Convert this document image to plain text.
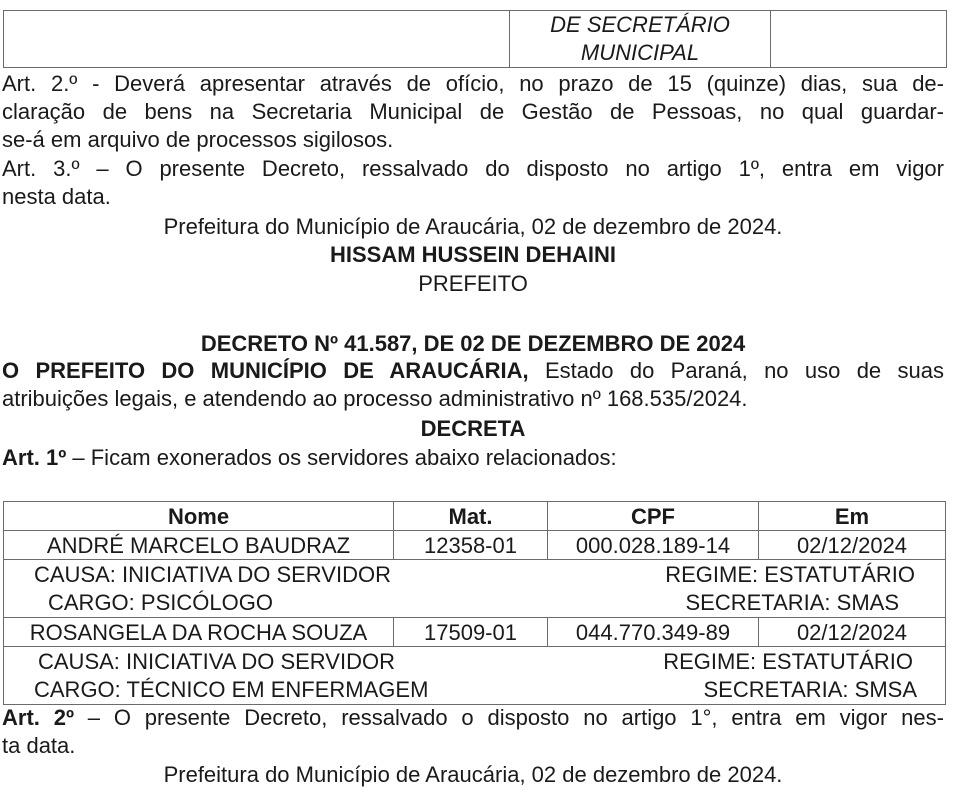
DE SECRETÁRIO
MUNICIPAL

Art. 2.º - Deverá apresentar através de ofício, no prazo de 15 (quinze) dias, sua de-
claração de bens na Secretaria Municipal de Gestão de Pessoas, no qual guardar-
se-á em arquivo de processos sigilosos.
Art. 3.º – O presente Decreto, ressalvado do disposto no artigo 1º, entra em vigor
nesta data.
Prefeitura do Município de Araucária, 02 de dezembro de 2024.
HISSAM HUSSEIN DEHAINI
PREFEITO
DECRETO Nº 41.587, DE 02 DE DEZEMBRO DE 2024
O PREFEITO DO MUNICÍPIO DE ARAUCÁRIA, Estado do Paraná, no uso de suas
atribuições legais, e atendendo ao processo administrativo nº 168.535/2024.
DECRETA
Art. 1º – Ficam exonerados os servidores abaixo relacionados:
Nome	Mat.	CPF	Em
ANDRÉ MARCELO BAUDRAZ	12358-01	000.028.189-14	02/12/2024

CAUSA: INICIATIVA DO SERVIDOR REGIME: ESTATUTÁRIO
CARGO: PSICÓLOGO SECRETARIA: SMAS			

ROSANGELA DA ROCHA SOUZA	17509-01	044.770.349-89	02/12/2024

CAUSA: INICIATIVA DO SERVIDOR REGIME: ESTATUTÁRIO
CARGO: TÉCNICO EM ENFERMAGEM SECRETARIA: SMSA			
Art. 2º – O presente Decreto, ressalvado o disposto no artigo 1°, entra em vigor nes-
ta data.
Prefeitura do Município de Araucária, 02 de dezembro de 2024.
